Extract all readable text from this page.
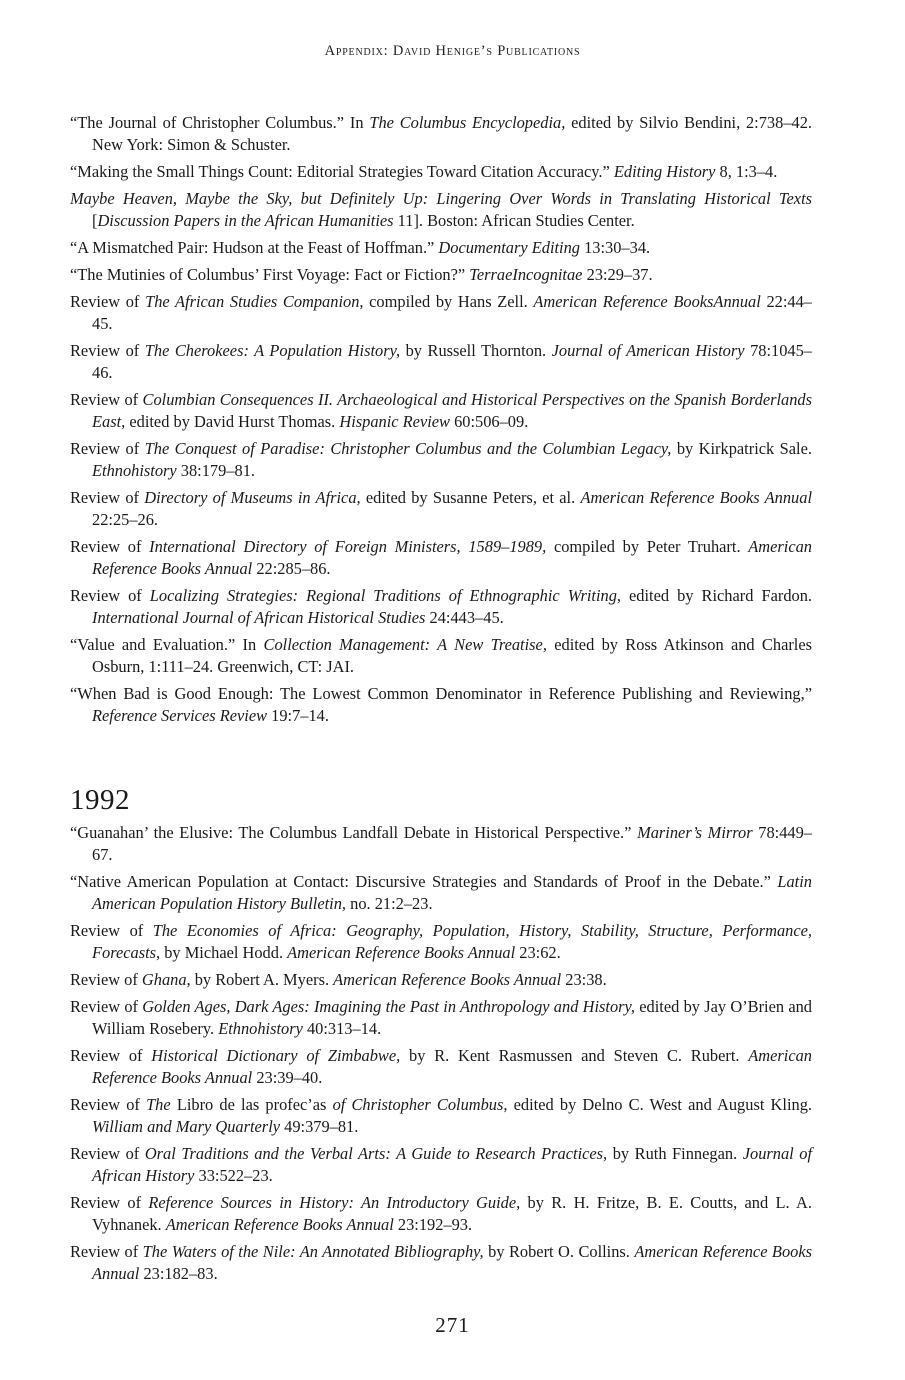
Appendix: David Henige’s Publications

“The Journal of Christopher Columbus.” In The Columbus Encyclopedia, edited by Silvio Bendini, 2:738–42. New York: Simon & Schuster.

“Making the Small Things Count: Editorial Strategies Toward Citation Accuracy.” Editing History 8, 1:3–4.

Maybe Heaven, Maybe the Sky, but Definitely Up: Lingering Over Words in Translating Historical Texts [Discussion Papers in the African Humanities 11]. Boston: African Studies Center.

“A Mismatched Pair: Hudson at the Feast of Hoffman.” Documentary Editing 13:30–34.

“The Mutinies of Columbus’ First Voyage: Fact or Fiction?” TerraeIncognitae 23:29–37.

Review of The African Studies Companion, compiled by Hans Zell. American Reference BooksAnnual 22:44–45.

Review of The Cherokees: A Population History, by Russell Thornton. Journal of American History 78:1045–46.

Review of Columbian Consequences II. Archaeological and Historical Perspectives on the Spanish Borderlands East, edited by David Hurst Thomas. Hispanic Review 60:506–09.

Review of The Conquest of Paradise: Christopher Columbus and the Columbian Legacy, by Kirkpatrick Sale. Ethnohistory 38:179–81.

Review of Directory of Museums in Africa, edited by Susanne Peters, et al. American Reference Books Annual 22:25–26.

Review of International Directory of Foreign Ministers, 1589–1989, compiled by Peter Truhart. American Reference Books Annual 22:285–86.

Review of Localizing Strategies: Regional Traditions of Ethnographic Writing, edited by Richard Fardon. International Journal of African Historical Studies 24:443–45.

“Value and Evaluation.” In Collection Management: A New Treatise, edited by Ross Atkinson and Charles Osburn, 1:111–24. Greenwich, CT: JAI.

“When Bad is Good Enough: The Lowest Common Denominator in Reference Publishing and Reviewing,” Reference Services Review 19:7–14.

1992

“Guanahan’ the Elusive: The Columbus Landfall Debate in Historical Perspective.” Mariner’s Mirror 78:449–67.

“Native American Population at Contact: Discursive Strategies and Standards of Proof in the Debate.” Latin American Population History Bulletin, no. 21:2–23.

Review of The Economies of Africa: Geography, Population, History, Stability, Structure, Performance, Forecasts, by Michael Hodd. American Reference Books Annual 23:62.

Review of Ghana, by Robert A. Myers. American Reference Books Annual 23:38.

Review of Golden Ages, Dark Ages: Imagining the Past in Anthropology and History, edited by Jay O’Brien and William Rosebery. Ethnohistory 40:313–14.

Review of Historical Dictionary of Zimbabwe, by R. Kent Rasmussen and Steven C. Rubert. American Reference Books Annual 23:39–40.

Review of The Libro de las profec’as of Christopher Columbus, edited by Delno C. West and August Kling. William and Mary Quarterly 49:379–81.

Review of Oral Traditions and the Verbal Arts: A Guide to Research Practices, by Ruth Finnegan. Journal of African History 33:522–23.

Review of Reference Sources in History: An Introductory Guide, by R. H. Fritze, B. E. Coutts, and L. A. Vyhnanek. American Reference Books Annual 23:192–93.

Review of The Waters of the Nile: An Annotated Bibliography, by Robert O. Collins. American Reference Books Annual 23:182–83.

271
